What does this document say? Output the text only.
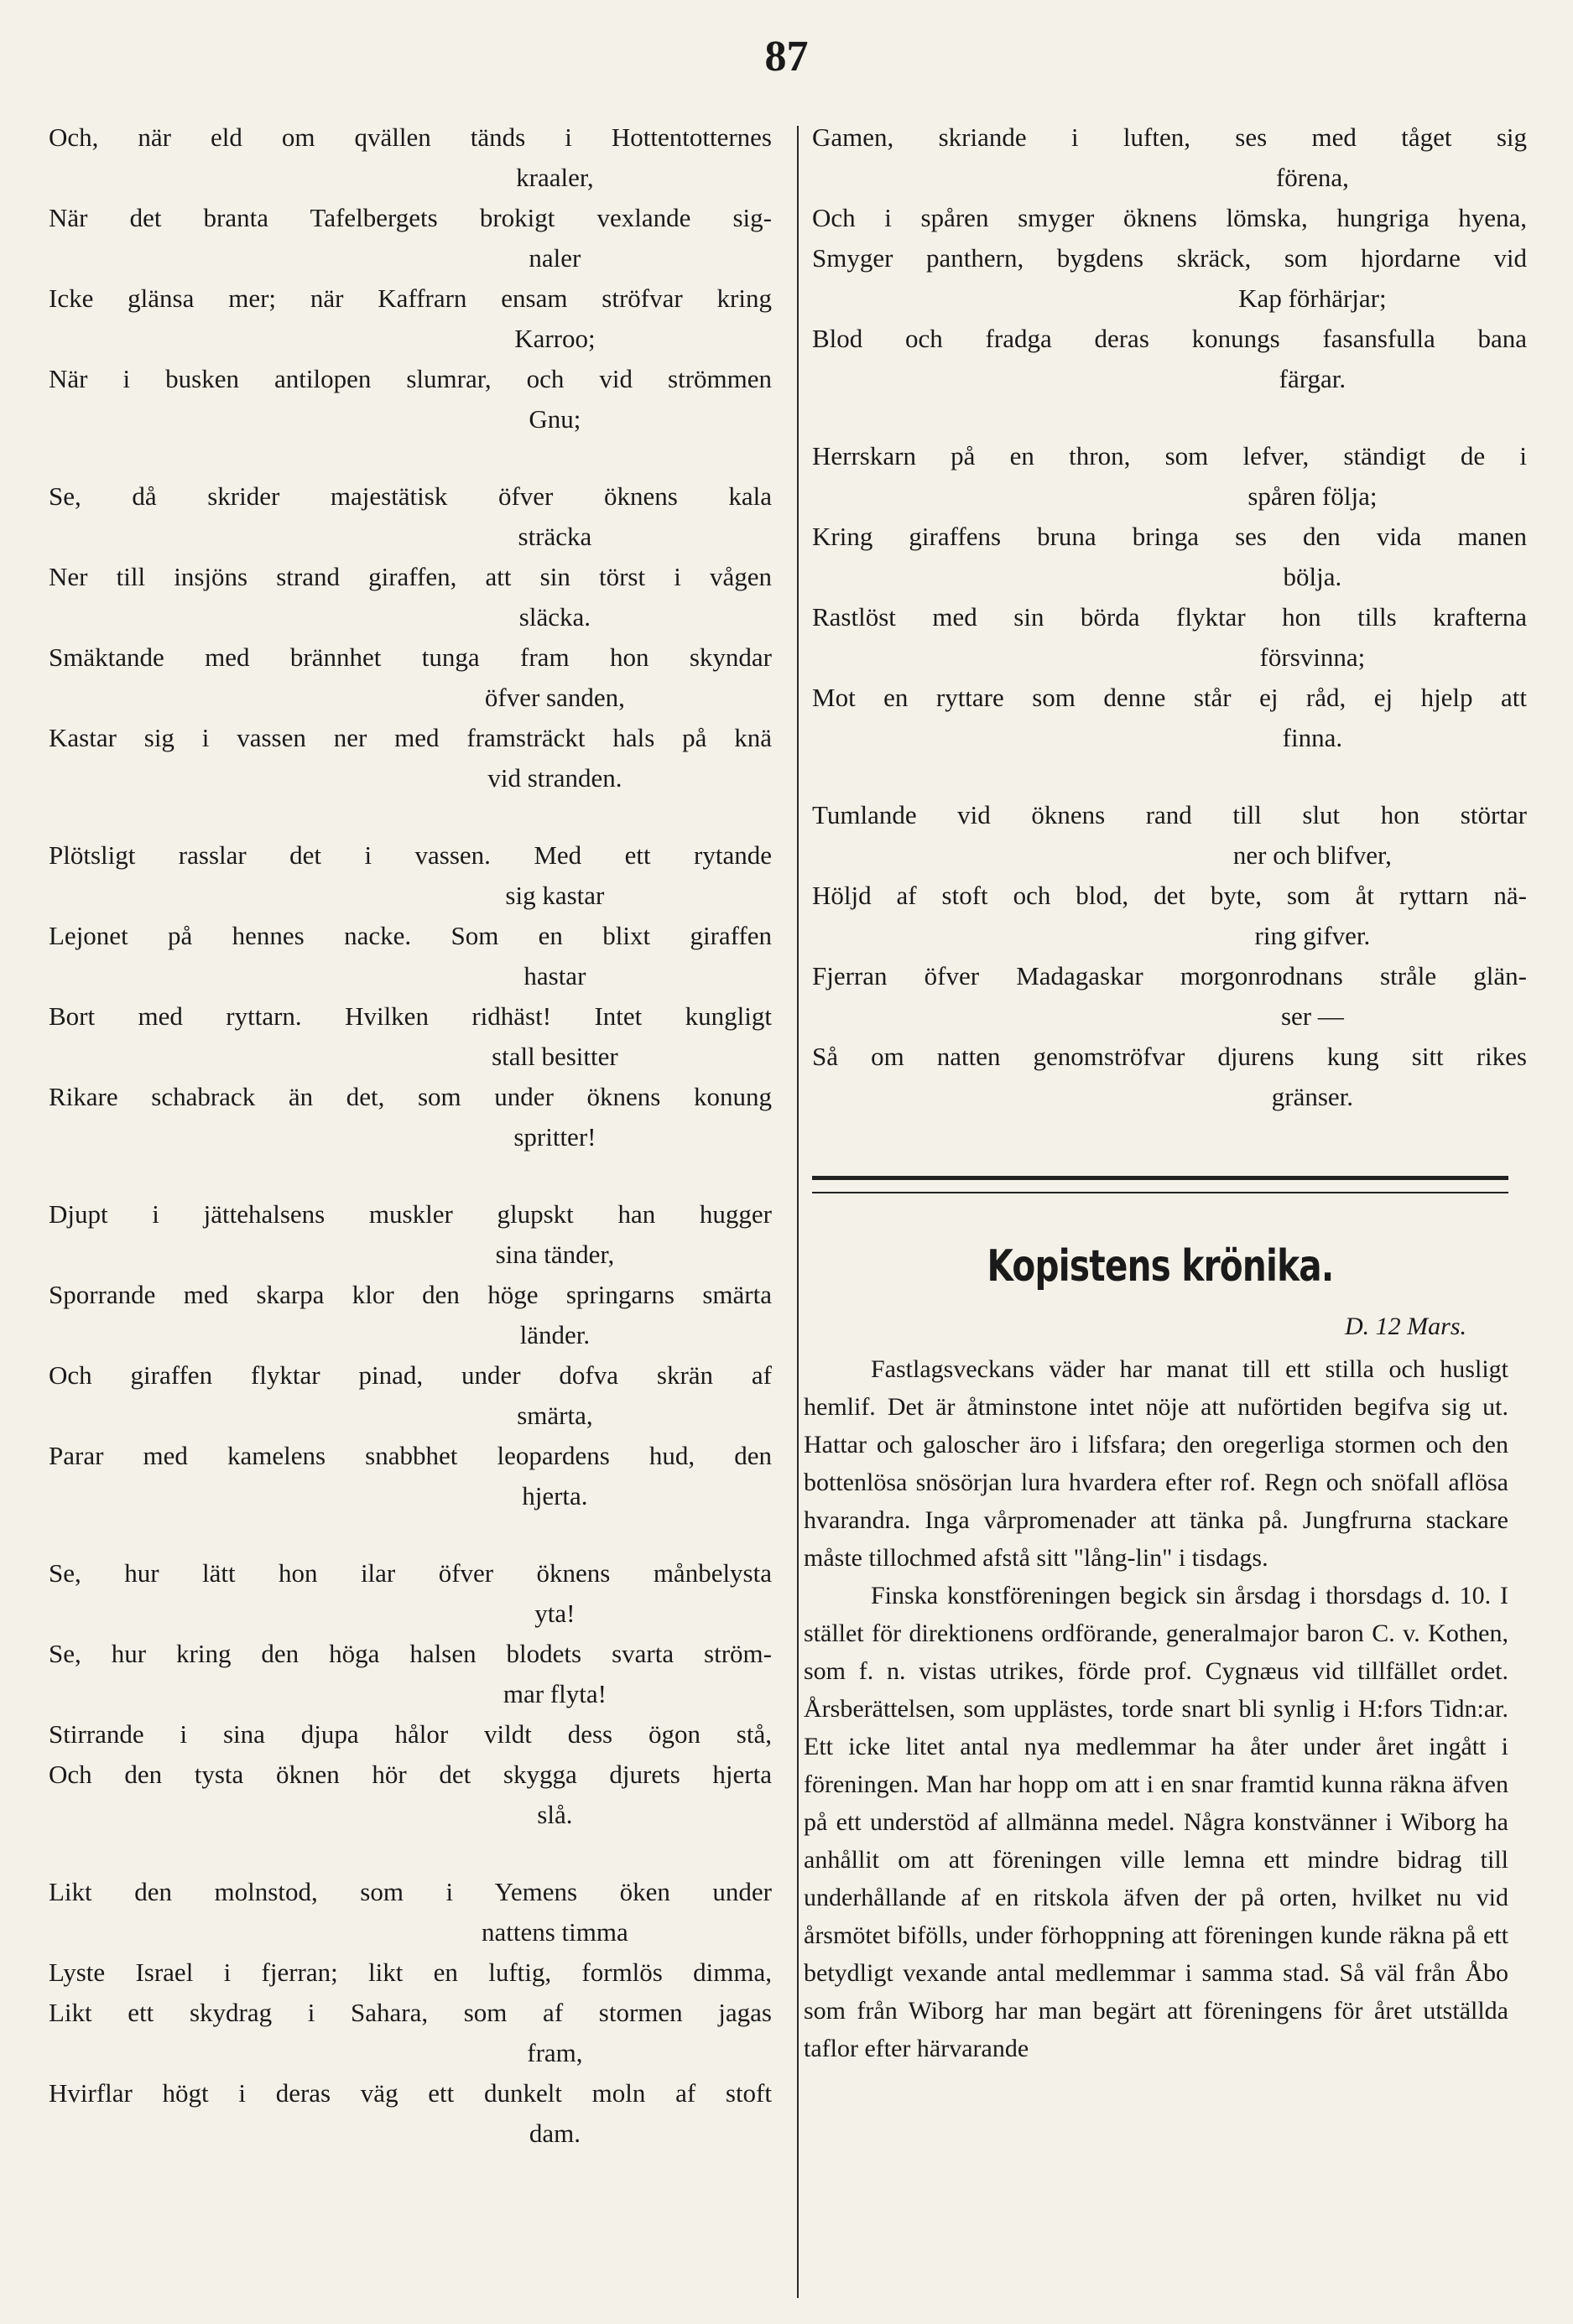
87
Och, när eld om qvällen tänds i Hottentotternes
kraaler,
När det branta Tafelbergets brokigt vexlande sig-
naler
Icke glänsa mer; när Kaffrarn ensam ströfvar kring
Karroo;
När i busken antilopen slumrar, och vid strömmen
Gnu;
Se, då skrider majestätisk öfver öknens kala
sträcka
Ner till insjöns strand giraffen, att sin törst i vågen
släcka.
Smäktande med brännhet tunga fram hon skyndar
öfver sanden,
Kastar sig i vassen ner med framsträckt hals på knä
vid stranden.
Plötsligt rasslar det i vassen. Med ett rytande
sig kastar
Lejonet på hennes nacke. Som en blixt giraffen
hastar
Bort med ryttarn. Hvilken ridhäst! Intet kungligt
stall besitter
Rikare schabrack än det, som under öknens konung
spritter!
Djupt i jättehalsens muskler glupskt han hugger
sina tänder,
Sporrande med skarpa klor den höge springarns smärta
länder.
Och giraffen flyktar pinad, under dofva skrän af
smärta,
Parar med kamelens snabbhet leopardens hud, den
hjerta.
Se, hur lätt hon ilar öfver öknens månbelysta
yta!
Se, hur kring den höga halsen blodets svarta ström-
mar flyta!
Stirrande i sina djupa hålor vildt dess ögon stå,
Och den tysta öknen hör det skygga djurets hjerta
slå.
Likt den molnstod, som i Yemens öken under
nattens timma
Lyste Israel i fjerran; likt en luftig, formlös dimma,
Likt ett skydrag i Sahara, som af stormen jagas
fram,
Hvirflar högt i deras väg ett dunkelt moln af stoft
dam.
Gamen, skriande i luften, ses med tåget sig
förena,
Och i spåren smyger öknens lömska, hungriga hyena,
Smyger panthern, bygdens skräck, som hjordarne vid
Kap förhärjar;
Blod och fradga deras konungs fasansfulla bana
färgar.
Herrskarn på en thron, som lefver, ständigt de i
spåren följa;
Kring giraffens bruna bringa ses den vida manen
bölja.
Rastlöst med sin börda flyktar hon tills krafterna
försvinna;
Mot en ryttare som denne står ej råd, ej hjelp att
finna.
Tumlande vid öknens rand till slut hon störtar
ner och blifver,
Höljd af stoft och blod, det byte, som åt ryttarn nä-
ring gifver.
Fjerran öfver Madagaskar morgonrodnans stråle glän-
ser —
Så om natten genomströfvar djurens kung sitt rikes
gränser.
Kopistens krönika.
D. 12 Mars.

Fastlagsveckans väder har manat till ett stilla och husligt hemlif. Det är åtminstone intet nöje att nuförtiden begifva sig ut. Hattar och galoscher äro i lifsfara; den oregerliga stormen och den bottenlösa snösörjan lura hvardera efter rof. Regn och snöfall aflösa hvarandra. Inga vårpromenader att tänka på. Jungfrurna stackare måste tillochmed afstå sitt "lång-lin" i tisdags.

Finska konstföreningen begick sin årsdag i thorsdags d. 10. I stället för direktionens ordförande, generalmajor baron C. v. Kothen, som f. n. vistas utrikes, förde prof. Cygnæus vid tillfället ordet. Årsberättelsen, som upplästes, torde snart bli synlig i H:fors Tidn:ar. Ett icke litet antal nya medlemmar ha åter under året ingått i föreningen. Man har hopp om att i en snar framtid kunna räkna äfven på ett understöd af allmänna medel. Några konstvänner i Wiborg ha anhållit om att föreningen ville lemna ett mindre bidrag till underhållande af en ritskola äfven der på orten, hvilket nu vid årsmötet bifölls, under förhoppning att föreningen kunde räkna på ett betydligt vexande antal medlemmar i samma stad. Så väl från Åbo som från Wiborg har man begärt att föreningens för året utställda taflor efter härvarande
